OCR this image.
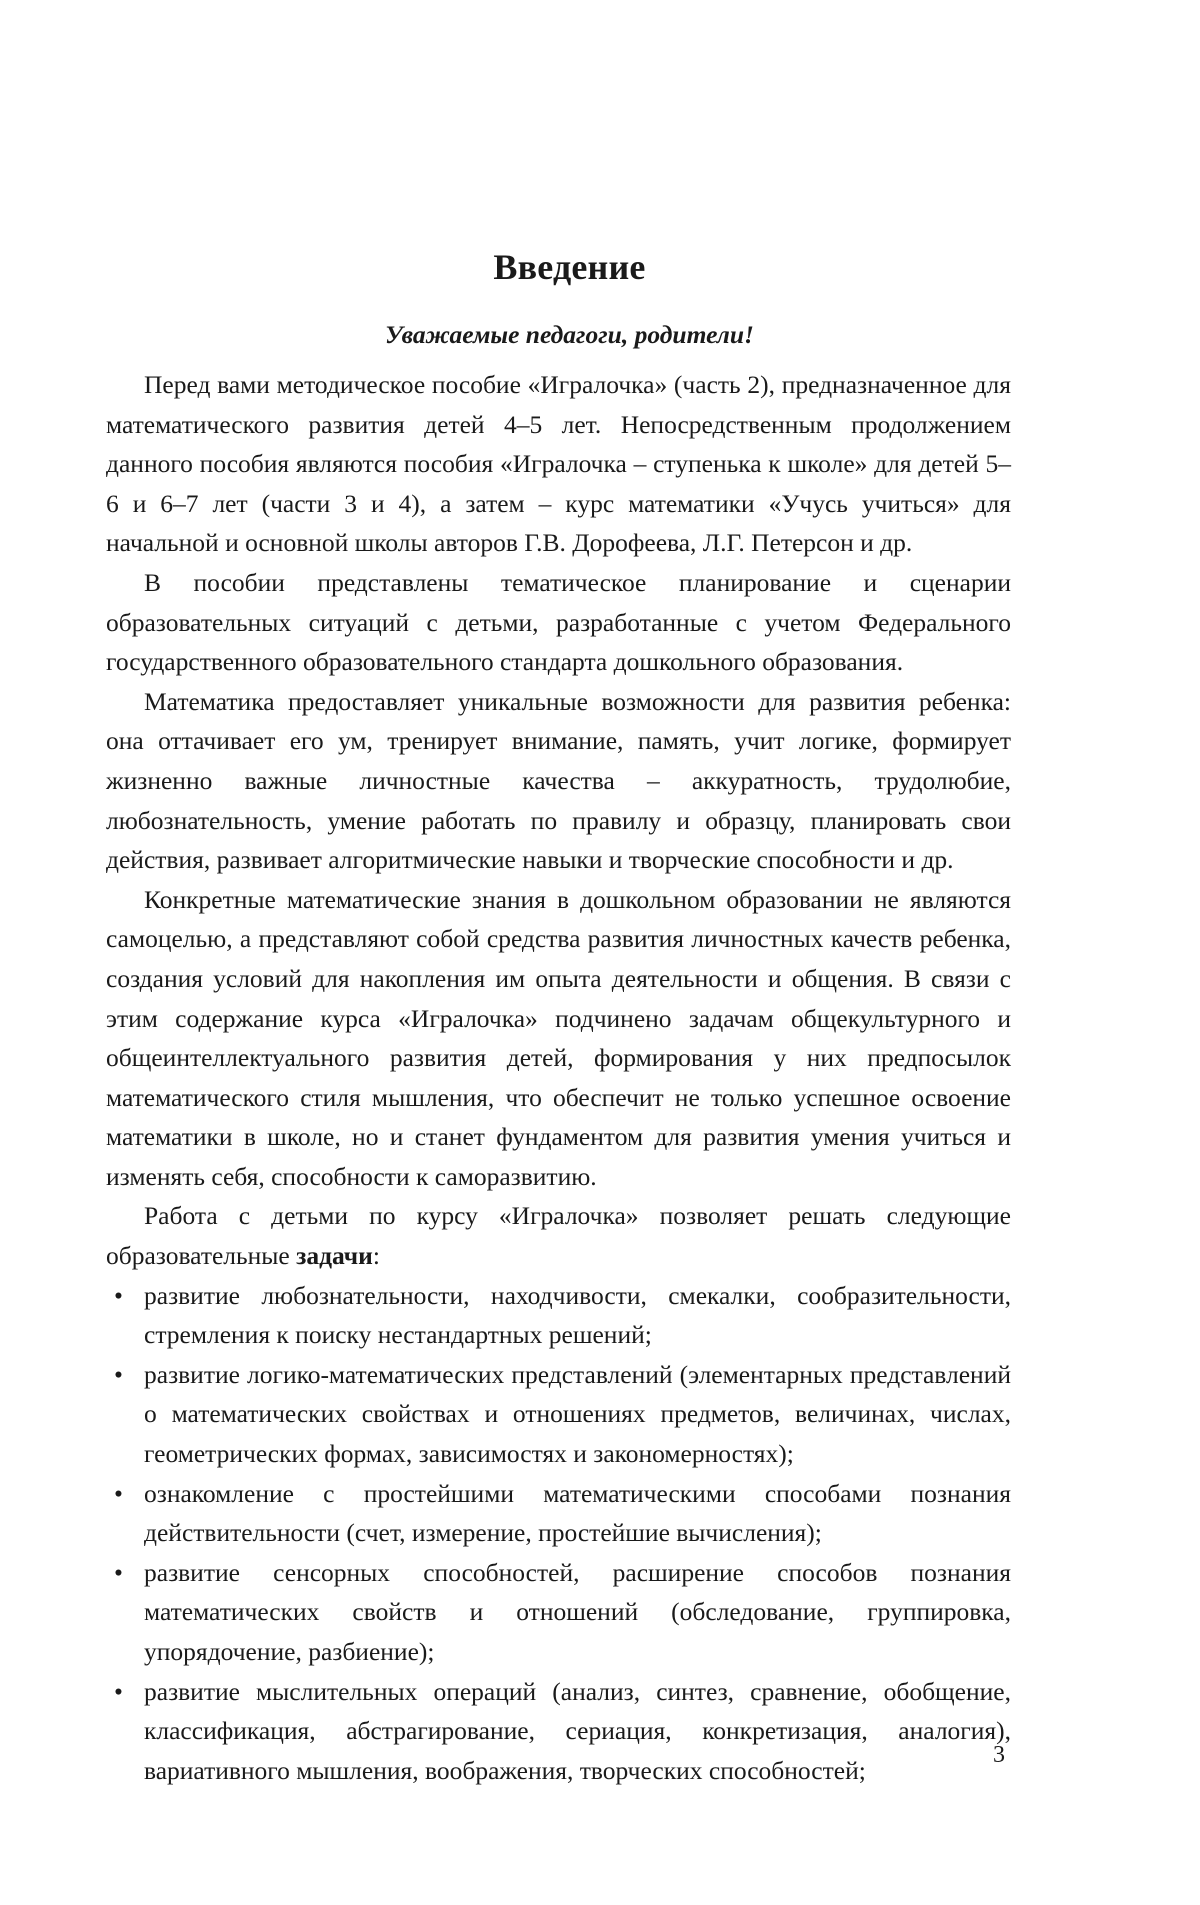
Введение

Уважаемые педагоги, родители!

Перед вами методическое пособие «Игралочка» (часть 2), предназначенное для математического развития детей 4–5 лет. Непосредственным продолжением данного пособия являются пособия «Игралочка – ступенька к школе» для детей 5–6 и 6–7 лет (части 3 и 4), а затем – курс математики «Учусь учиться» для начальной и основной школы авторов Г.В. Дорофеева, Л.Г. Петерсон и др.

В пособии представлены тематическое планирование и сценарии образовательных ситуаций с детьми, разработанные с учетом Федерального государственного образовательного стандарта дошкольного образования.

Математика предоставляет уникальные возможности для развития ребенка: она оттачивает его ум, тренирует внимание, память, учит логике, формирует жизненно важные личностные качества – аккуратность, трудолюбие, любознательность, умение работать по правилу и образцу, планировать свои действия, развивает алгоритмические навыки и творческие способности и др.

Конкретные математические знания в дошкольном образовании не являются самоцелью, а представляют собой средства развития личностных качеств ребенка, создания условий для накопления им опыта деятельности и общения. В связи с этим содержание курса «Игралочка» подчинено задачам общекультурного и общеинтеллектуального развития детей, формирования у них предпосылок математического стиля мышления, что обеспечит не только успешное освоение математики в школе, но и станет фундаментом для развития умения учиться и изменять себя, способности к саморазвитию.

Работа с детьми по курсу «Игралочка» позволяет решать следующие образовательные задачи:

• развитие любознательности, находчивости, смекалки, сообразительности, стремления к поиску нестандартных решений;
• развитие логико-математических представлений (элементарных представлений о математических свойствах и отношениях предметов, величинах, числах, геометрических формах, зависимостях и закономерностях);
• ознакомление с простейшими математическими способами познания действительности (счет, измерение, простейшие вычисления);
• развитие сенсорных способностей, расширение способов познания математических свойств и отношений (обследование, группировка, упорядочение, разбиение);
• развитие мыслительных операций (анализ, синтез, сравнение, обобщение, классификация, абстрагирование, сериация, конкретизация, аналогия), вариативного мышления, воображения, творческих способностей;
3
